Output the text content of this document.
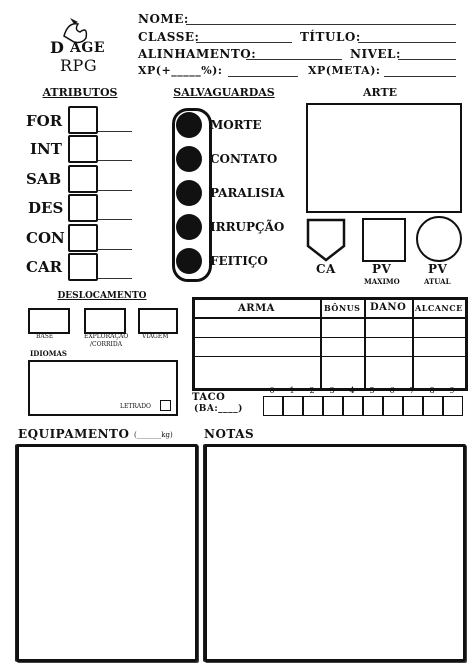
D AGE
RPG
NOME:
CLASSE:	TÍTULO:
ALINHAMENTO:	NIVEL:
XP(+_____%):	XP(META):
ATRIBUTOS
FOR
INT
SAB
DES
CON
CAR
SALVAGUARDAS
MORTE
CONTATO
PARALISIA
IRRUPÇÃO
FEITIÇO
ARTE
CA	PV
MAXIMO
PV
ATUAL
DESLOCAMENTO
BASE	EXPLORAÇÃO /CORRIDA
VIAGEM
IDIOMAS
LETRADO
ARMA	BÔNUS DANO ALCANCE
TACO
(BA:____)
0	1	2	3	4	5	6	7	8	9
EQUIPAMENTO (_______kg)	NOTAS
